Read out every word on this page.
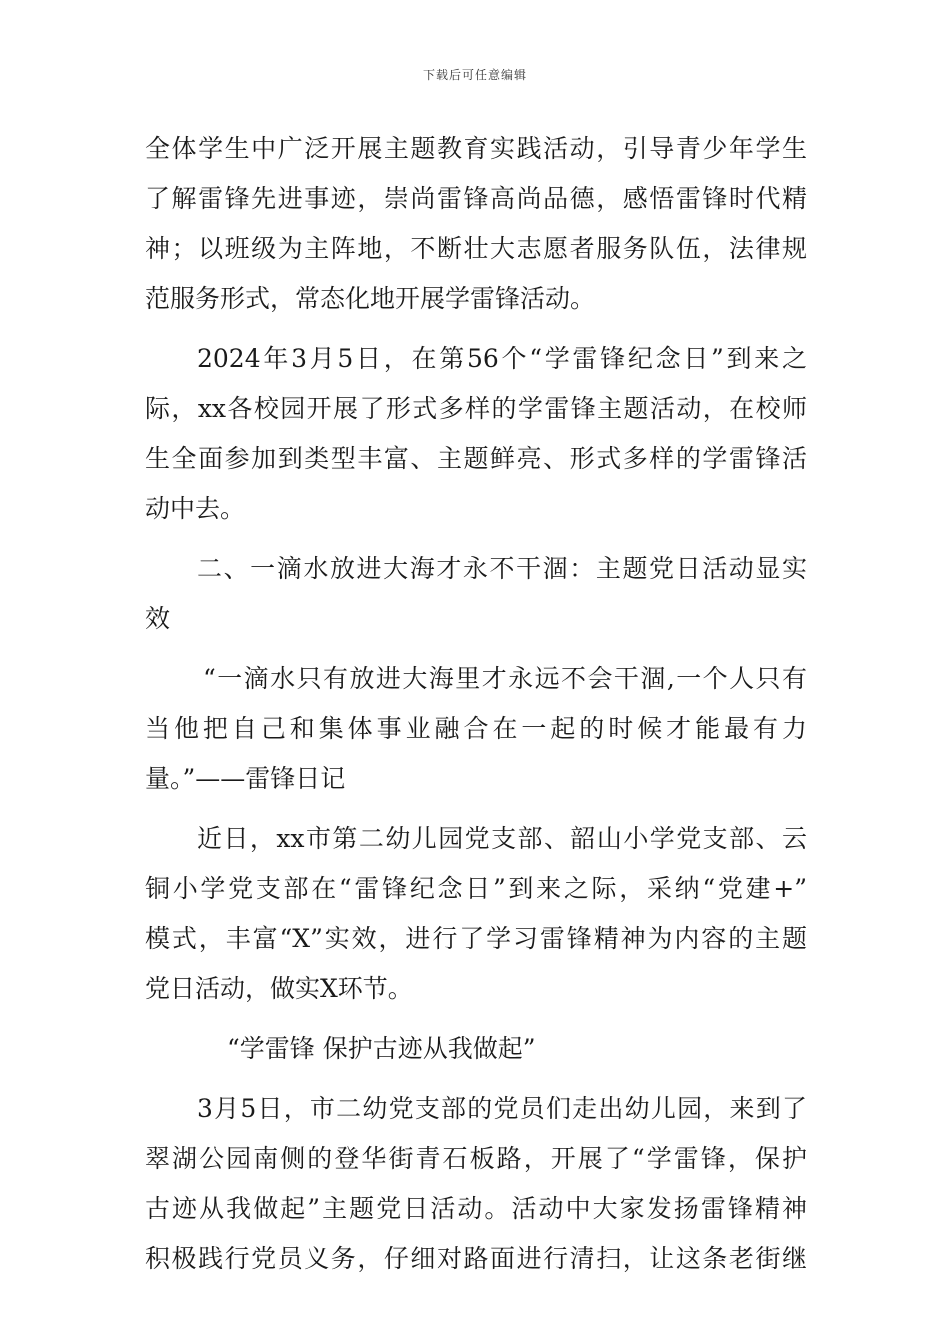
下载后可任意编辑
全体学生中广泛开展主题教育实践活动，引导青少年学生
了解雷锋先进事迹，崇尚雷锋高尚品德，感悟雷锋时代精
神；以班级为主阵地，不断壮大志愿者服务队伍，法律规
范服务形式，常态化地开展学雷锋活动。
2024年3月5日，在第56个“学雷锋纪念日”到来之
际，xx各校园开展了形式多样的学雷锋主题活动，在校师
生全面参加到类型丰富、主题鲜亮、形式多样的学雷锋活
动中去。
二、一滴水放进大海才永不干涸：主题党日活动显实
效
“一滴水只有放进大海里才永远不会干涸,一个人只有
当他把自己和集体事业融合在一起的时候才能最有力
量。”——雷锋日记
近日，xx市第二幼儿园党支部、韶山小学党支部、云
铜小学党支部在“雷锋纪念日”到来之际，采纳“党建+”
模式，丰富“X”实效，进行了学习雷锋精神为内容的主题
党日活动，做实X环节。
“学雷锋 保护古迹从我做起”
3月5日，市二幼党支部的党员们走出幼儿园，来到了
翠湖公园南侧的登华街青石板路，开展了“学雷锋，保护
古迹从我做起”主题党日活动。活动中大家发扬雷锋精神
积极践行党员义务，仔细对路面进行清扫，让这条老街继
